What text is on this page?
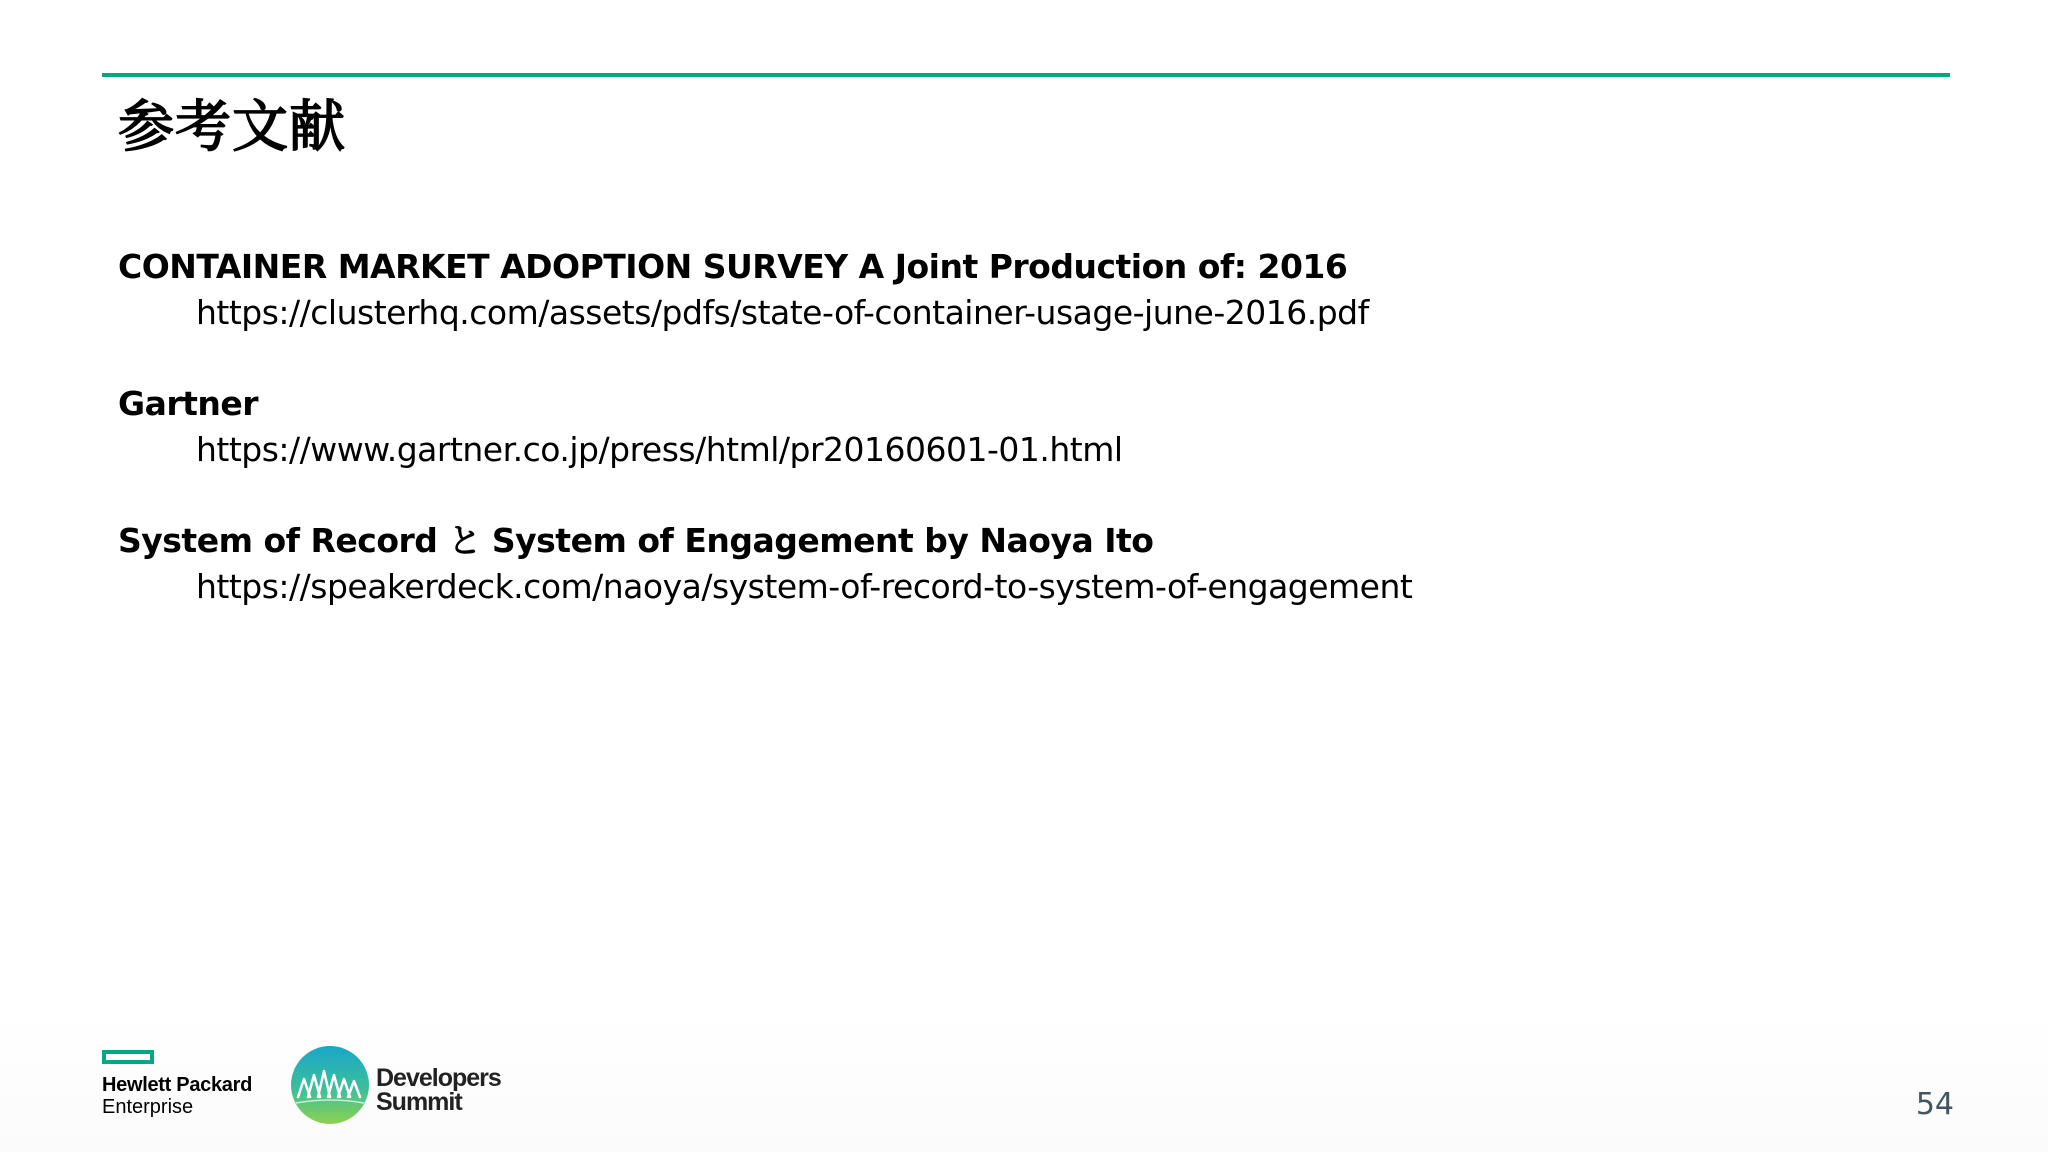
参考文献
CONTAINER MARKET ADOPTION SURVEY A Joint Production of: 2016
https://clusterhq.com/assets/pdfs/state-of-container-usage-june-2016.pdf
Gartner
https://www.gartner.co.jp/press/html/pr20160601-01.html
System of Record と System of Engagement by Naoya Ito
https://speakerdeck.com/naoya/system-of-record-to-system-of-engagement
Hewlett Packard
Enterprise
Developers
Summit	54
